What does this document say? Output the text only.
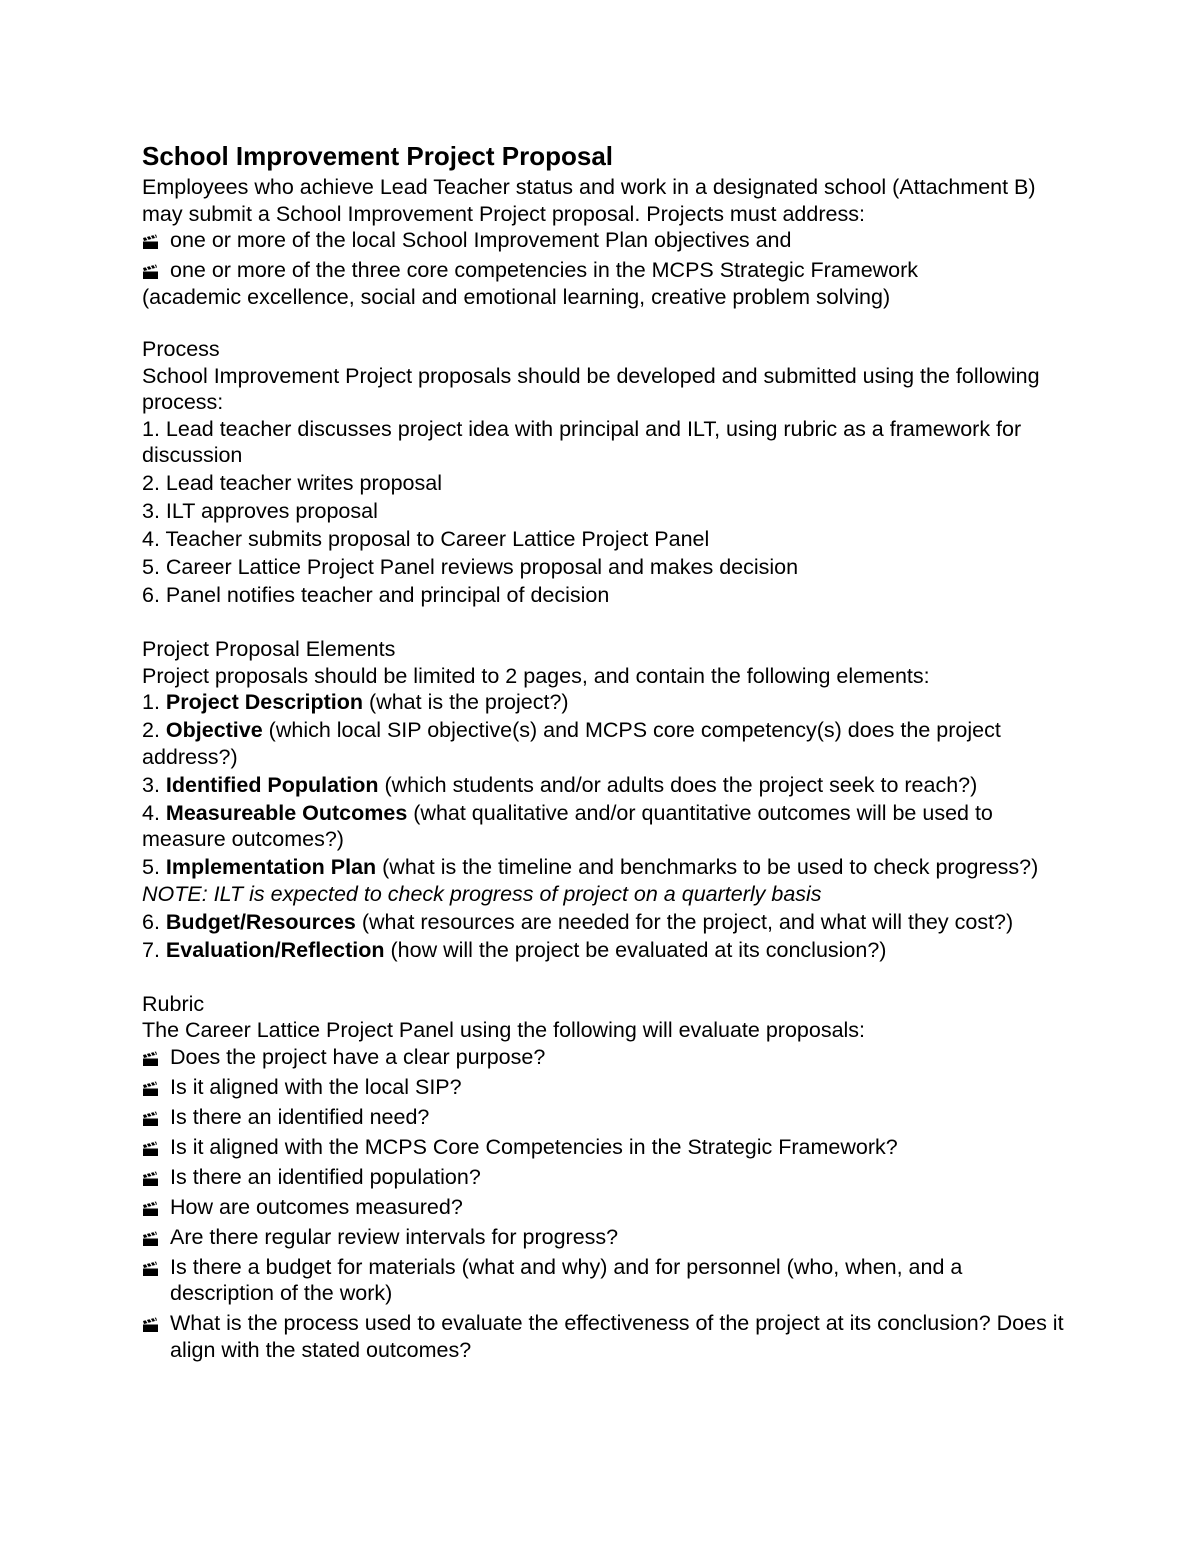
School Improvement Project Proposal

Employees who achieve Lead Teacher status and work in a designated school (Attachment B) may submit a School Improvement Project proposal. Projects must address:

one or more of the local School Improvement Plan objectives and
one or more of the three core competencies in the MCPS Strategic Framework

(academic excellence, social and emotional learning, creative problem solving)

Process

School Improvement Project proposals should be developed and submitted using the following process:

1. Lead teacher discusses project idea with principal and ILT, using rubric as a framework for discussion

2. Lead teacher writes proposal

3. ILT approves proposal

4. Teacher submits proposal to Career Lattice Project Panel

5. Career Lattice Project Panel reviews proposal and makes decision

6. Panel notifies teacher and principal of decision

Project Proposal Elements

Project proposals should be limited to 2 pages, and contain the following elements:

1. Project Description (what is the project?)

2. Objective (which local SIP objective(s) and MCPS core competency(s) does the project address?)

3. Identified Population (which students and/or adults does the project seek to reach?)

4. Measureable Outcomes (what qualitative and/or quantitative outcomes will be used to measure outcomes?)

5. Implementation Plan (what is the timeline and benchmarks to be used to check progress?) NOTE: ILT is expected to check progress of project on a quarterly basis

6. Budget/Resources (what resources are needed for the project, and what will they cost?)

7. Evaluation/Reflection (how will the project be evaluated at its conclusion?)

Rubric

The Career Lattice Project Panel using the following will evaluate proposals:

Does the project have a clear purpose?
Is it aligned with the local SIP?
Is there an identified need?
Is it aligned with the MCPS Core Competencies in the Strategic Framework?
Is there an identified population?
How are outcomes measured?
Are there regular review intervals for progress?
Is there a budget for materials (what and why) and for personnel (who, when, and a description of the work)
What is the process used to evaluate the effectiveness of the project at its conclusion? Does it align with the stated outcomes?
